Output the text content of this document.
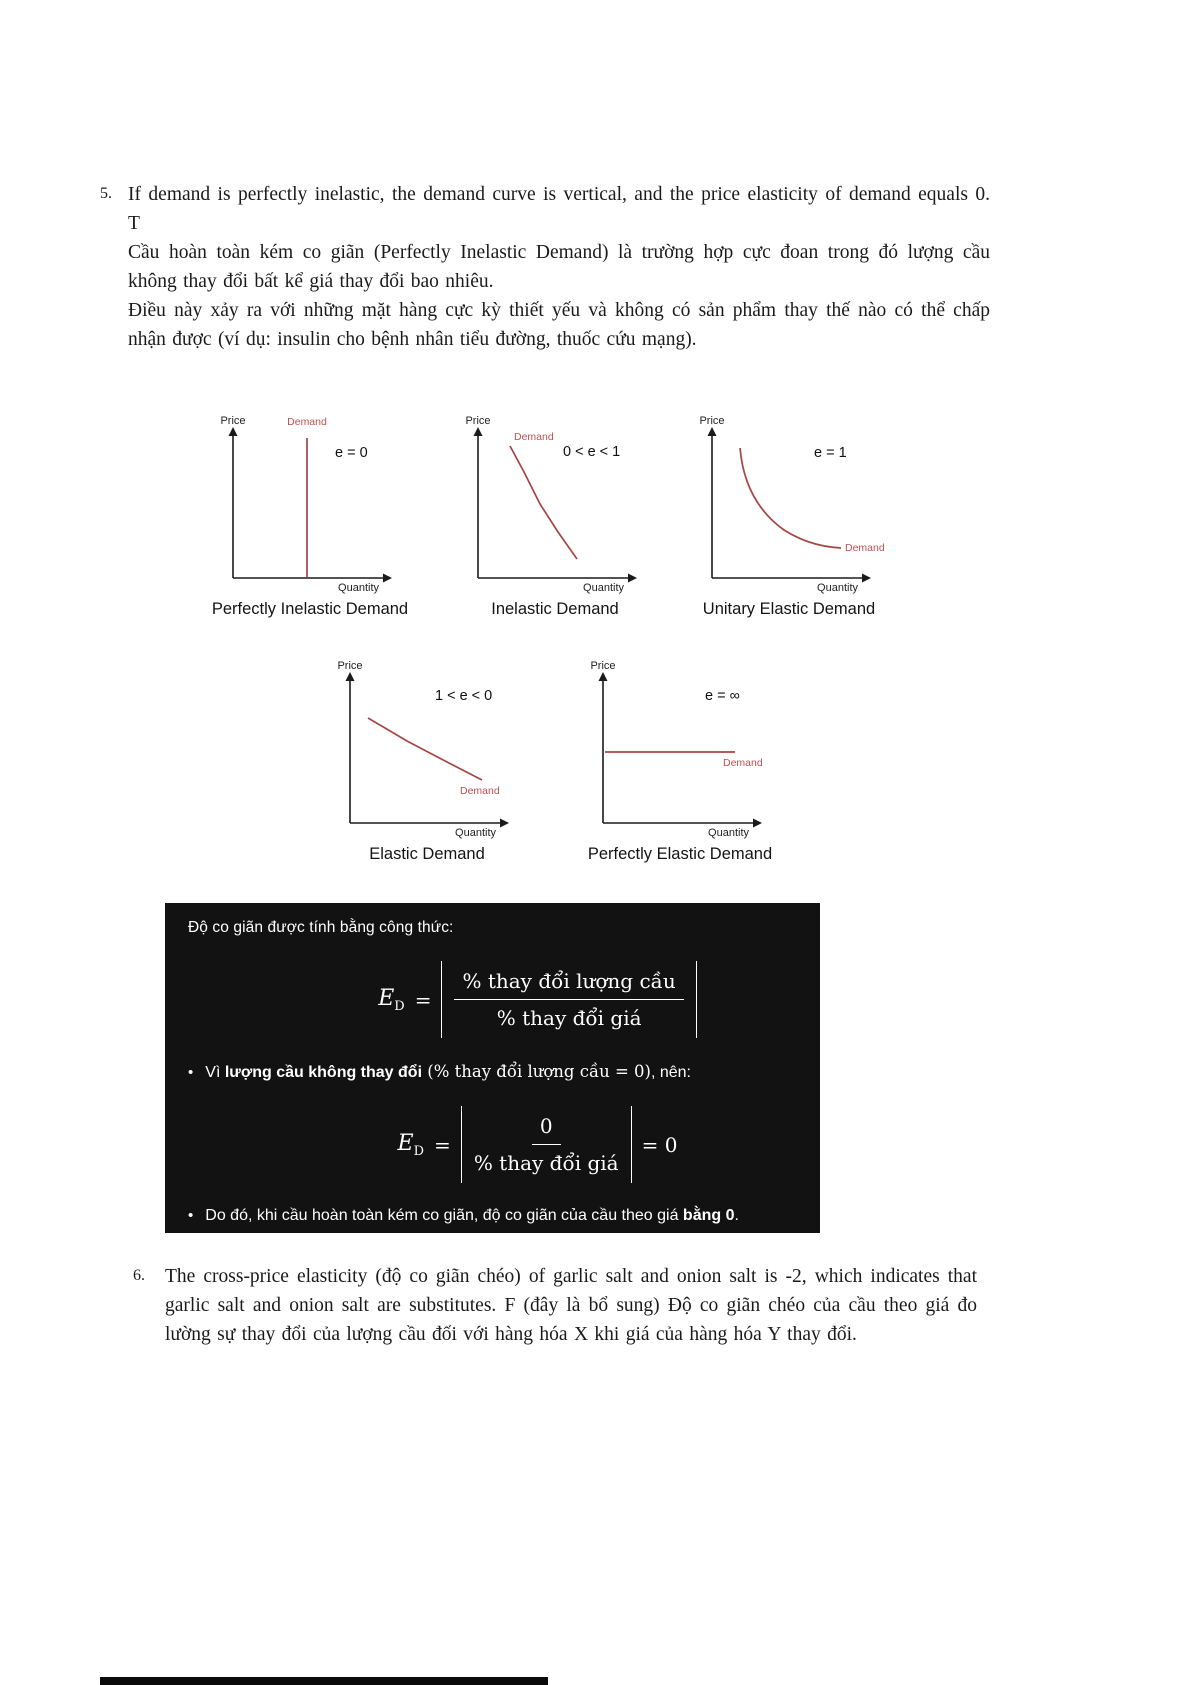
5. If demand is perfectly inelastic, the demand curve is vertical, and the price elasticity of demand equals 0. T

Cầu hoàn toàn kém co giãn (Perfectly Inelastic Demand) là trường hợp cực đoan trong đó lượng cầu không thay đổi bất kể giá thay đổi bao nhiêu.

Điều này xảy ra với những mặt hàng cực kỳ thiết yếu và không có sản phẩm thay thế nào có thể chấp nhận được (ví dụ: insulin cho bệnh nhân tiểu đường, thuốc cứu mạng).

Price	Demand
Quantity
e = 0
Perfectly Inelastic Demand
Price
Quantity
Demand
0 < e < 1
Inelastic Demand
Price
Quantity
Demand
e = 1
Unitary Elastic Demand
Price
Quantity
Demand
1 < e < 0
Elastic Demand
Price
Quantity
Demand
e = ∞
Perfectly Elastic Demand
Độ co giãn được tính bằng công thức:
$E_D = \frac{\text{\% thay đổi lượng cầu}}{\text{\% thay đổi giá}}$
• Vì lượng cầu không thay đổi (% thay đổi lượng cầu = 0), nên:
$E_D = \frac{0}{\text{\% thay đổi giá}} = 0$
• Do đó, khi cầu hoàn toàn kém co giãn, độ co giãn của cầu theo giá bằng 0.
6.	The cross-price elasticity (độ co giãn chéo) of garlic salt and onion salt is -2, which indicates that garlic salt and onion salt are substitutes. F (đây là bổ sung) Độ co giãn chéo của cầu theo giá đo lường sự thay đổi của lượng cầu đối với hàng hóa X khi giá của hàng hóa Y thay đổi.
